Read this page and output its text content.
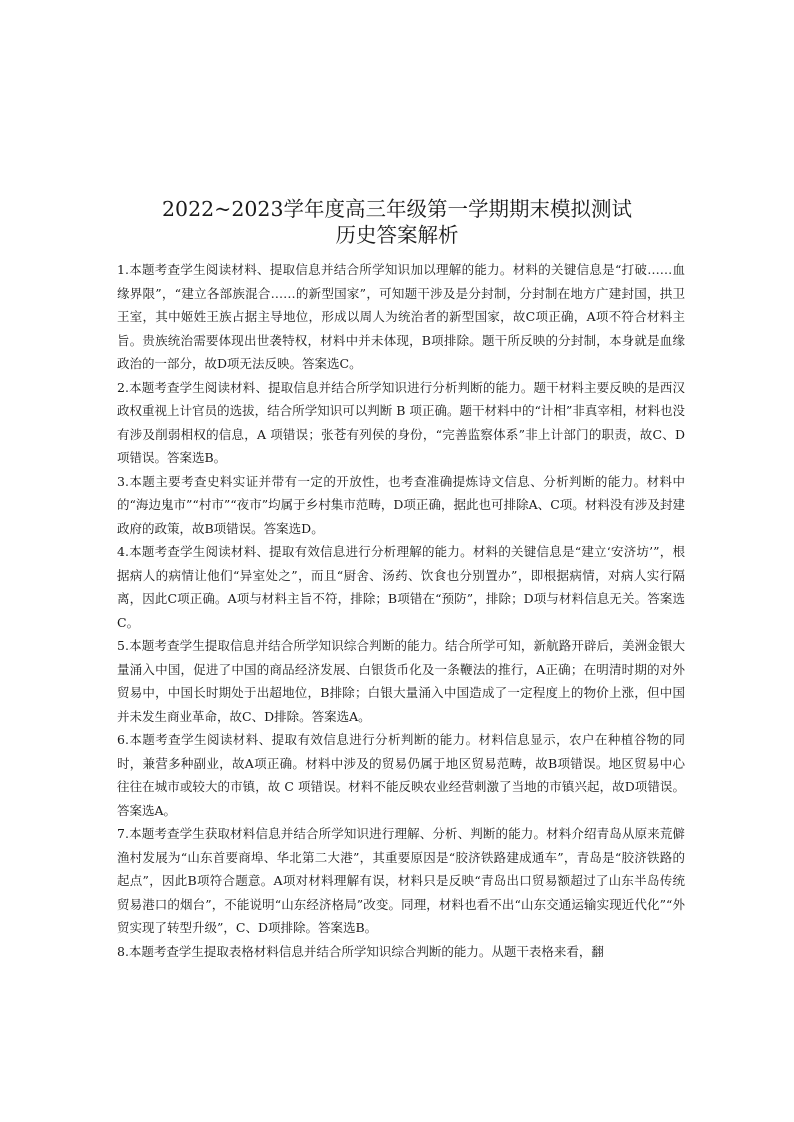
2022~2023学年度高三年级第一学期期末模拟测试
历史答案解析

1.本题考查学生阅读材料、提取信息并结合所学知识加以理解的能力。材料的关键信息是“打破……血缘界限”，“建立各部族混合……的新型国家”，可知题干涉及是分封制，分封制在地方广建封国，拱卫王室，其中姬姓王族占据主导地位，形成以周人为统治者的新型国家，故C项正确，A项不符合材料主旨。贵族统治需要体现出世袭特权，材料中并未体现，B项排除。题干所反映的分封制，本身就是血缘政治的一部分，故D项无法反映。答案选C。

2.本题考查学生阅读材料、提取信息并结合所学知识进行分析判断的能力。题干材料主要反映的是西汉政权重视上计官员的选拔，结合所学知识可以判断 B 项正确。题干材料中的“计相”非真宰相，材料也没有涉及削弱相权的信息，A 项错误；张苍有列侯的身份，“完善监察体系”非上计部门的职责，故C、D项错误。答案选B。

3.本题主要考查史料实证并带有一定的开放性，也考查准确提炼诗文信息、分析判断的能力。材料中的“海边鬼市”“村市”“夜市”均属于乡村集市范畴，D项正确，据此也可排除A、C项。材料没有涉及封建政府的政策，故B项错误。答案选D。

4.本题考查学生阅读材料、提取有效信息进行分析理解的能力。材料的关键信息是“建立‘安济坊’”，根据病人的病情让他们“异室处之”，而且“厨舍、汤药、饮食也分别置办”，即根据病情，对病人实行隔离，因此C项正确。A项与材料主旨不符，排除；B项错在“预防”，排除；D项与材料信息无关。答案选C。

5.本题考查学生提取信息并结合所学知识综合判断的能力。结合所学可知，新航路开辟后，美洲金银大量涌入中国，促进了中国的商品经济发展、白银货币化及一条鞭法的推行，A正确；在明清时期的对外贸易中，中国长时期处于出超地位，B排除；白银大量涌入中国造成了一定程度上的物价上涨，但中国并未发生商业革命，故C、D排除。答案选A。

6.本题考查学生阅读材料、提取有效信息进行分析判断的能力。材料信息显示，农户在种植谷物的同时，兼营多种副业，故A项正确。材料中涉及的贸易仍属于地区贸易范畴，故B项错误。地区贸易中心往往在城市或较大的市镇，故 C 项错误。材料不能反映农业经营刺激了当地的市镇兴起，故D项错误。答案选A。

7.本题考查学生获取材料信息并结合所学知识进行理解、分析、判断的能力。材料介绍青岛从原来荒僻渔村发展为“山东首要商埠、华北第二大港”，其重要原因是“胶济铁路建成通车”，青岛是“胶济铁路的起点”，因此B项符合题意。A项对材料理解有误，材料只是反映“青岛出口贸易额超过了山东半岛传统贸易港口的烟台”，不能说明“山东经济格局”改变。同理，材料也看不出“山东交通运输实现近代化”“外贸实现了转型升级”，C、D项排除。答案选B。

8.本题考查学生提取表格材料信息并结合所学知识综合判断的能力。从题干表格来看，翻
